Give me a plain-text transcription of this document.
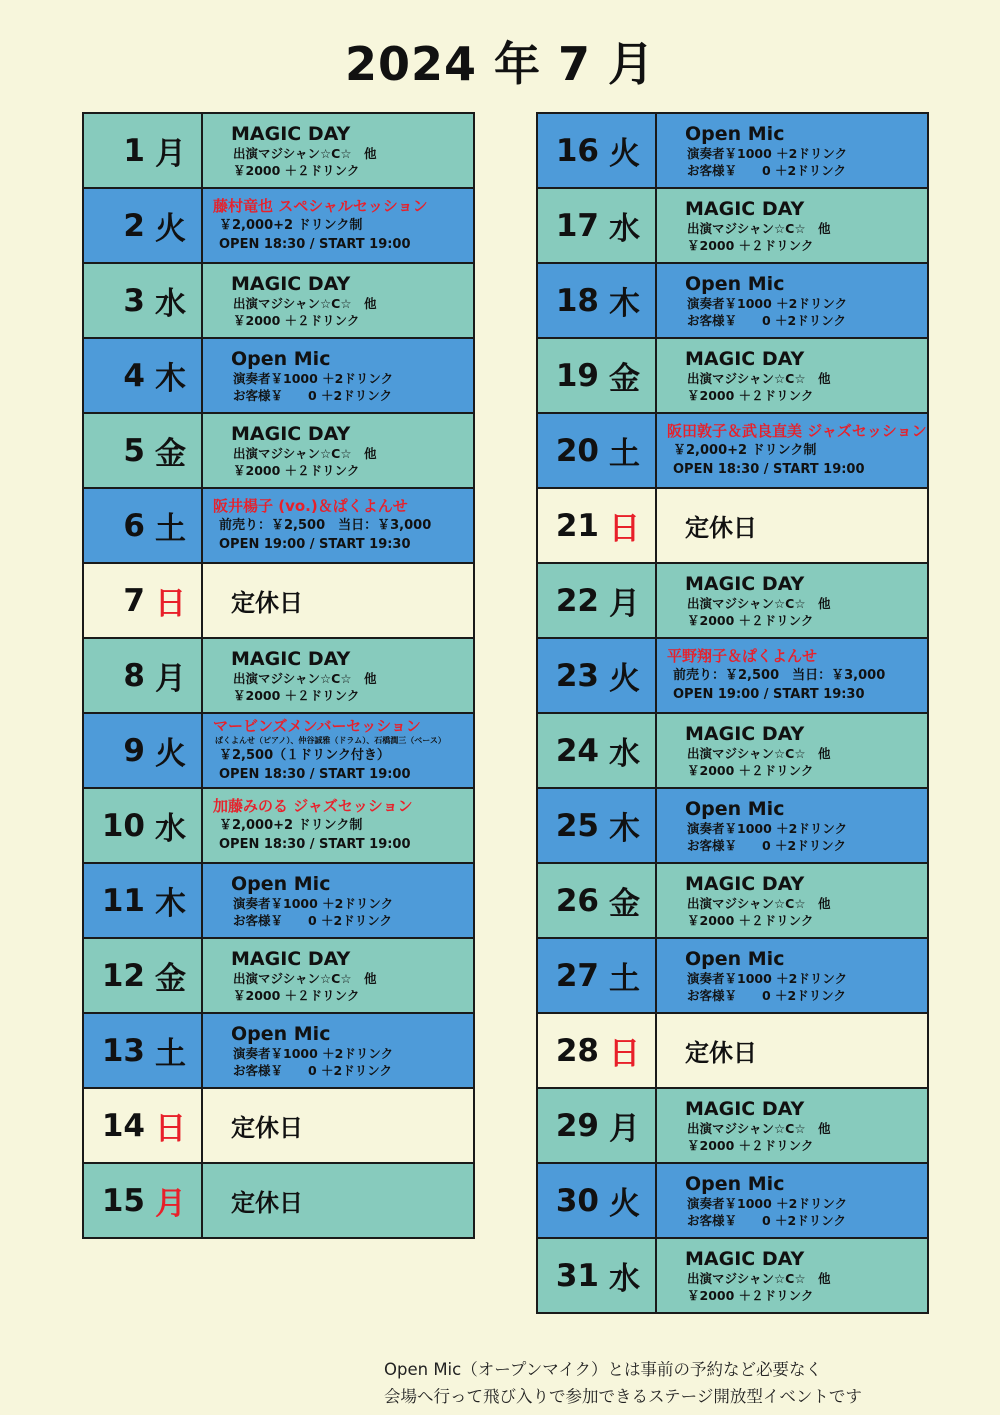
2024 年 7 月
1 月
MAGIC DAY
出演マジシャン☆C☆　他
￥2000 ＋２ドリンク
2 火
藤村竜也 スペシャルセッション
￥2,000+2 ドリンク制
OPEN 18:30 / START 19:00
3 水
MAGIC DAY
出演マジシャン☆C☆　他
￥2000 ＋２ドリンク
4 木
Open Mic
演奏者￥1000 ＋2ドリンク
お客様￥　　0 ＋2ドリンク
5 金
MAGIC DAY
出演マジシャン☆C☆　他
￥2000 ＋２ドリンク
6 土
阪井楊子 (vo.)＆ぱくよんせ
前売り：￥2,500　当日：￥3,000
OPEN 19:00 / START 19:30
7 日 定休日
8 月
MAGIC DAY
出演マジシャン☆C☆　他
￥2000 ＋２ドリンク
9 火
マービンズメンバーセッション
ぱくよんせ（ピアノ）、仲谷誠雅（ドラム）、石橋潤三（ベース）
￥2,500（１ドリンク付き）
OPEN 18:30 / START 19:00
10 水
加藤みのる ジャズセッション
￥2,000+2 ドリンク制
OPEN 18:30 / START 19:00
11 木
Open Mic
演奏者￥1000 ＋2ドリンク
お客様￥　　0 ＋2ドリンク
12 金
MAGIC DAY
出演マジシャン☆C☆　他
￥2000 ＋２ドリンク
13 土
Open Mic
演奏者￥1000 ＋2ドリンク
お客様￥　　0 ＋2ドリンク
14 日 定休日
15 月 定休日
16 火
Open Mic
演奏者￥1000 ＋2ドリンク
お客様￥　　0 ＋2ドリンク
17 水
MAGIC DAY
出演マジシャン☆C☆　他
￥2000 ＋２ドリンク
18 木
Open Mic
演奏者￥1000 ＋2ドリンク
お客様￥　　0 ＋2ドリンク
19 金
MAGIC DAY
出演マジシャン☆C☆　他
￥2000 ＋２ドリンク
20 土
阪田敦子＆武良直美 ジャズセッション
￥2,000+2 ドリンク制
OPEN 18:30 / START 19:00
21 日 定休日
22 月
MAGIC DAY
出演マジシャン☆C☆　他
￥2000 ＋２ドリンク
23 火
平野翔子＆ぱくよんせ
前売り：￥2,500　当日：￥3,000
OPEN 19:00 / START 19:30
24 水
MAGIC DAY
出演マジシャン☆C☆　他
￥2000 ＋２ドリンク
25 木
Open Mic
演奏者￥1000 ＋2ドリンク
お客様￥　　0 ＋2ドリンク
26 金
MAGIC DAY
出演マジシャン☆C☆　他
￥2000 ＋２ドリンク
27 土
Open Mic
演奏者￥1000 ＋2ドリンク
お客様￥　　0 ＋2ドリンク
28 日 定休日
29 月
MAGIC DAY
出演マジシャン☆C☆　他
￥2000 ＋２ドリンク
30 火
Open Mic
演奏者￥1000 ＋2ドリンク
お客様￥　　0 ＋2ドリンク
31 水
MAGIC DAY
出演マジシャン☆C☆　他
￥2000 ＋２ドリンク
Open Mic（オープンマイク）とは事前の予約など必要なく
会場へ行って飛び入りで参加できるステージ開放型イベントです
